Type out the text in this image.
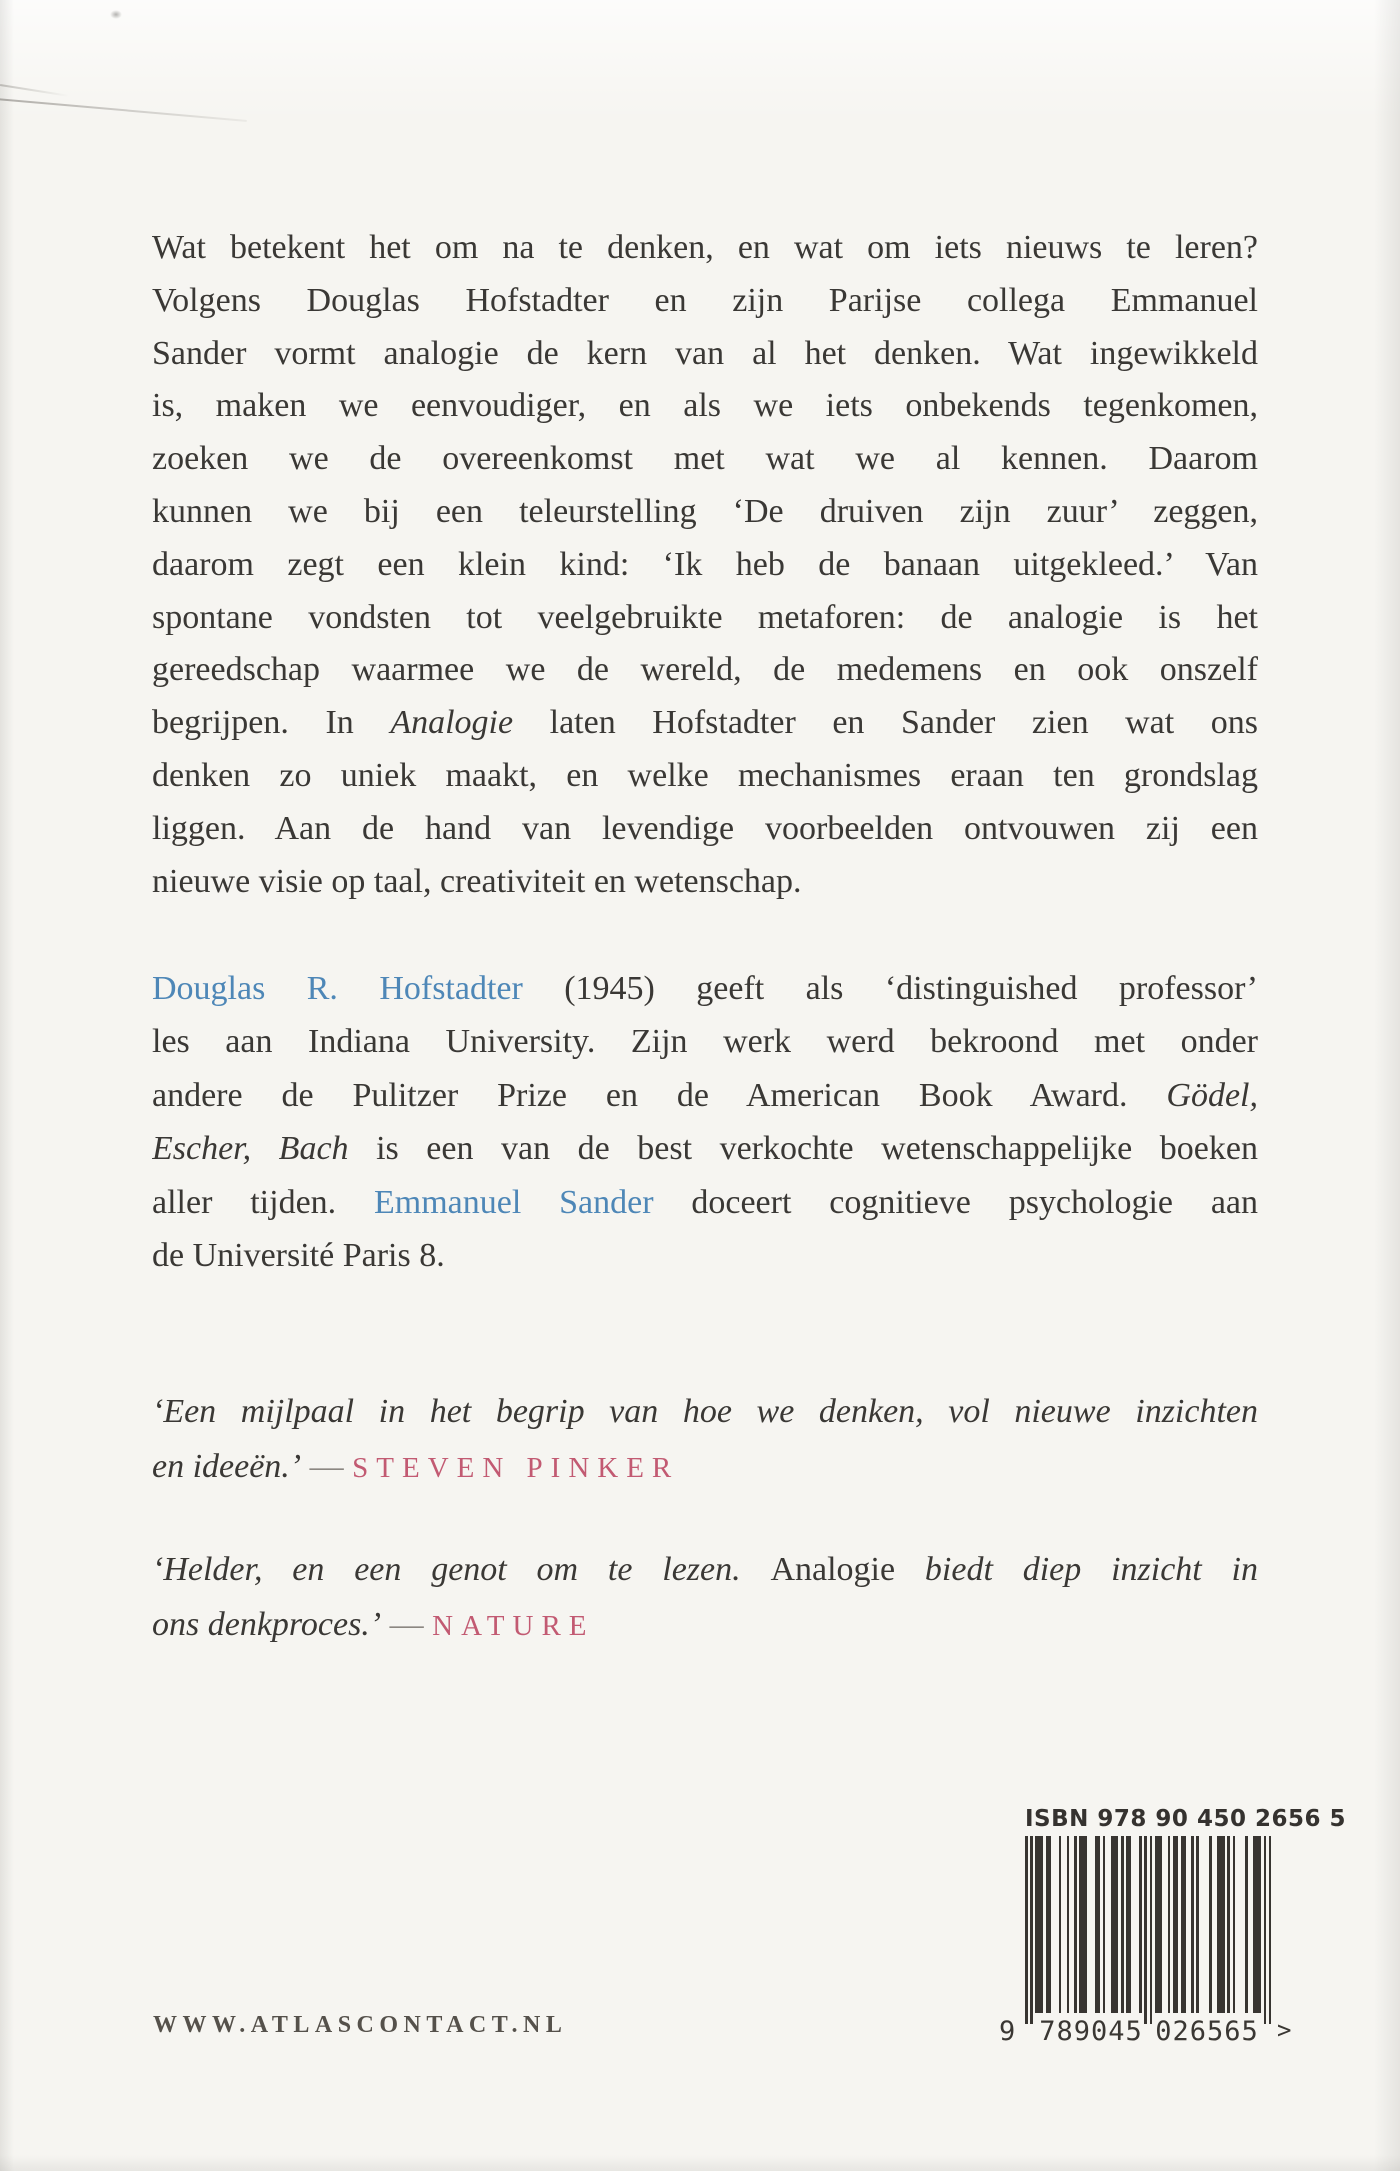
Wat betekent het om na te denken, en wat om iets nieuws te leren?
Volgens Douglas Hofstadter en zijn Parijse collega Emmanuel
Sander vormt analogie de kern van al het denken. Wat ingewikkeld
is, maken we eenvoudiger, en als we iets onbekends tegenkomen,
zoeken we de overeenkomst met wat we al kennen. Daarom
kunnen we bij een teleurstelling ‘De druiven zijn zuur’ zeggen,
daarom zegt een klein kind: ‘Ik heb de banaan uitgekleed.’ Van
spontane vondsten tot veelgebruikte metaforen: de analogie is het
gereedschap waarmee we de wereld, de medemens en ook onszelf
begrijpen. In Analogie laten Hofstadter en Sander zien wat ons
denken zo uniek maakt, en welke mechanismes eraan ten grondslag
liggen. Aan de hand van levendige voorbeelden ontvouwen zij een
nieuwe visie op taal, creativiteit en wetenschap.
Douglas R. Hofstadter (1945) geeft als ‘distinguished professor’
les aan Indiana University. Zijn werk werd bekroond met onder
andere de Pulitzer Prize en de American Book Award. Gödel,
Escher, Bach is een van de best verkochte wetenschappelijke boeken
aller tijden. Emmanuel Sander doceert cognitieve psychologie aan
de Université Paris 8.
‘Een mijlpaal in het begrip van hoe we denken, vol nieuwe inzichten
en ideeën.’ — STEVEN PINKER
‘Helder, en een genot om te lezen. Analogie biedt diep inzicht in
ons denkproces.’ — NATURE
WWW.ATLASCONTACT.NL
ISBN 978 90 450 2656 5
9 789045 026565 >
